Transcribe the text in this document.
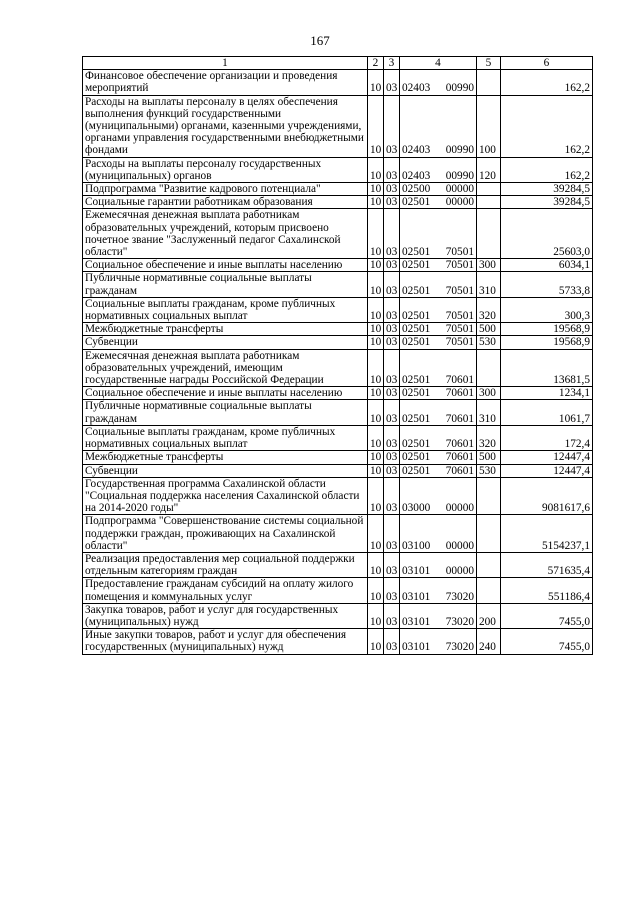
167
1	2	3	4	5	6
Финансовое обеспечение организации и проведения мероприятий	10	03	02403 00990		162,2
Расходы на выплаты персоналу в целях обеспечения выполнения функций государственными (муниципальными) органами, казенными учреждениями, органами управления государственными внебюджетными фондами	10	03	02403 00990	100	162,2
Расходы на выплаты персоналу государственных (муниципальных) органов	10	03	02403 00990	120	162,2
Подпрограмма "Развитие кадрового потенциала"	10	03	02500 00000		39284,5
Социальные гарантии работникам образования	10	03	02501 00000		39284,5
Ежемесячная денежная выплата работникам образовательных учреждений, которым присвоено почетное звание "Заслуженный педагог Сахалинской области"	10	03	02501 70501		25603,0
Социальное обеспечение и иные выплаты населению	10	03	02501 70501	300	6034,1
Публичные нормативные социальные выплаты гражданам	10	03	02501 70501	310	5733,8
Социальные выплаты гражданам, кроме публичных нормативных социальных выплат	10	03	02501 70501	320	300,3
Межбюджетные трансферты	10	03	02501 70501	500	19568,9
Субвенции	10	03	02501 70501	530	19568,9
Ежемесячная денежная выплата работникам образовательных учреждений, имеющим государственные награды Российской Федерации	10	03	02501 70601		13681,5
Социальное обеспечение и иные выплаты населению	10	03	02501 70601	300	1234,1
Публичные нормативные социальные выплаты гражданам	10	03	02501 70601	310	1061,7
Социальные выплаты гражданам, кроме публичных нормативных социальных выплат	10	03	02501 70601	320	172,4
Межбюджетные трансферты	10	03	02501 70601	500	12447,4
Субвенции	10	03	02501 70601	530	12447,4
Государственная программа Сахалинской области "Социальная поддержка населения Сахалинской области на 2014-2020 годы"	10	03	03000 00000		9081617,6
Подпрограмма "Совершенствование системы социальной поддержки граждан, проживающих на Сахалинской области"	10	03	03100 00000		5154237,1
Реализация предоставления мер социальной поддержки отдельным категориям граждан	10	03	03101 00000		571635,4
Предоставление гражданам субсидий на оплату жилого помещения и коммунальных услуг	10	03	03101 73020		551186,4
Закупка товаров, работ и услуг для государственных (муниципальных) нужд	10	03	03101 73020	200	7455,0
Иные закупки товаров, работ и услуг для обеспечения государственных (муниципальных) нужд	10	03	03101 73020	240	7455,0
